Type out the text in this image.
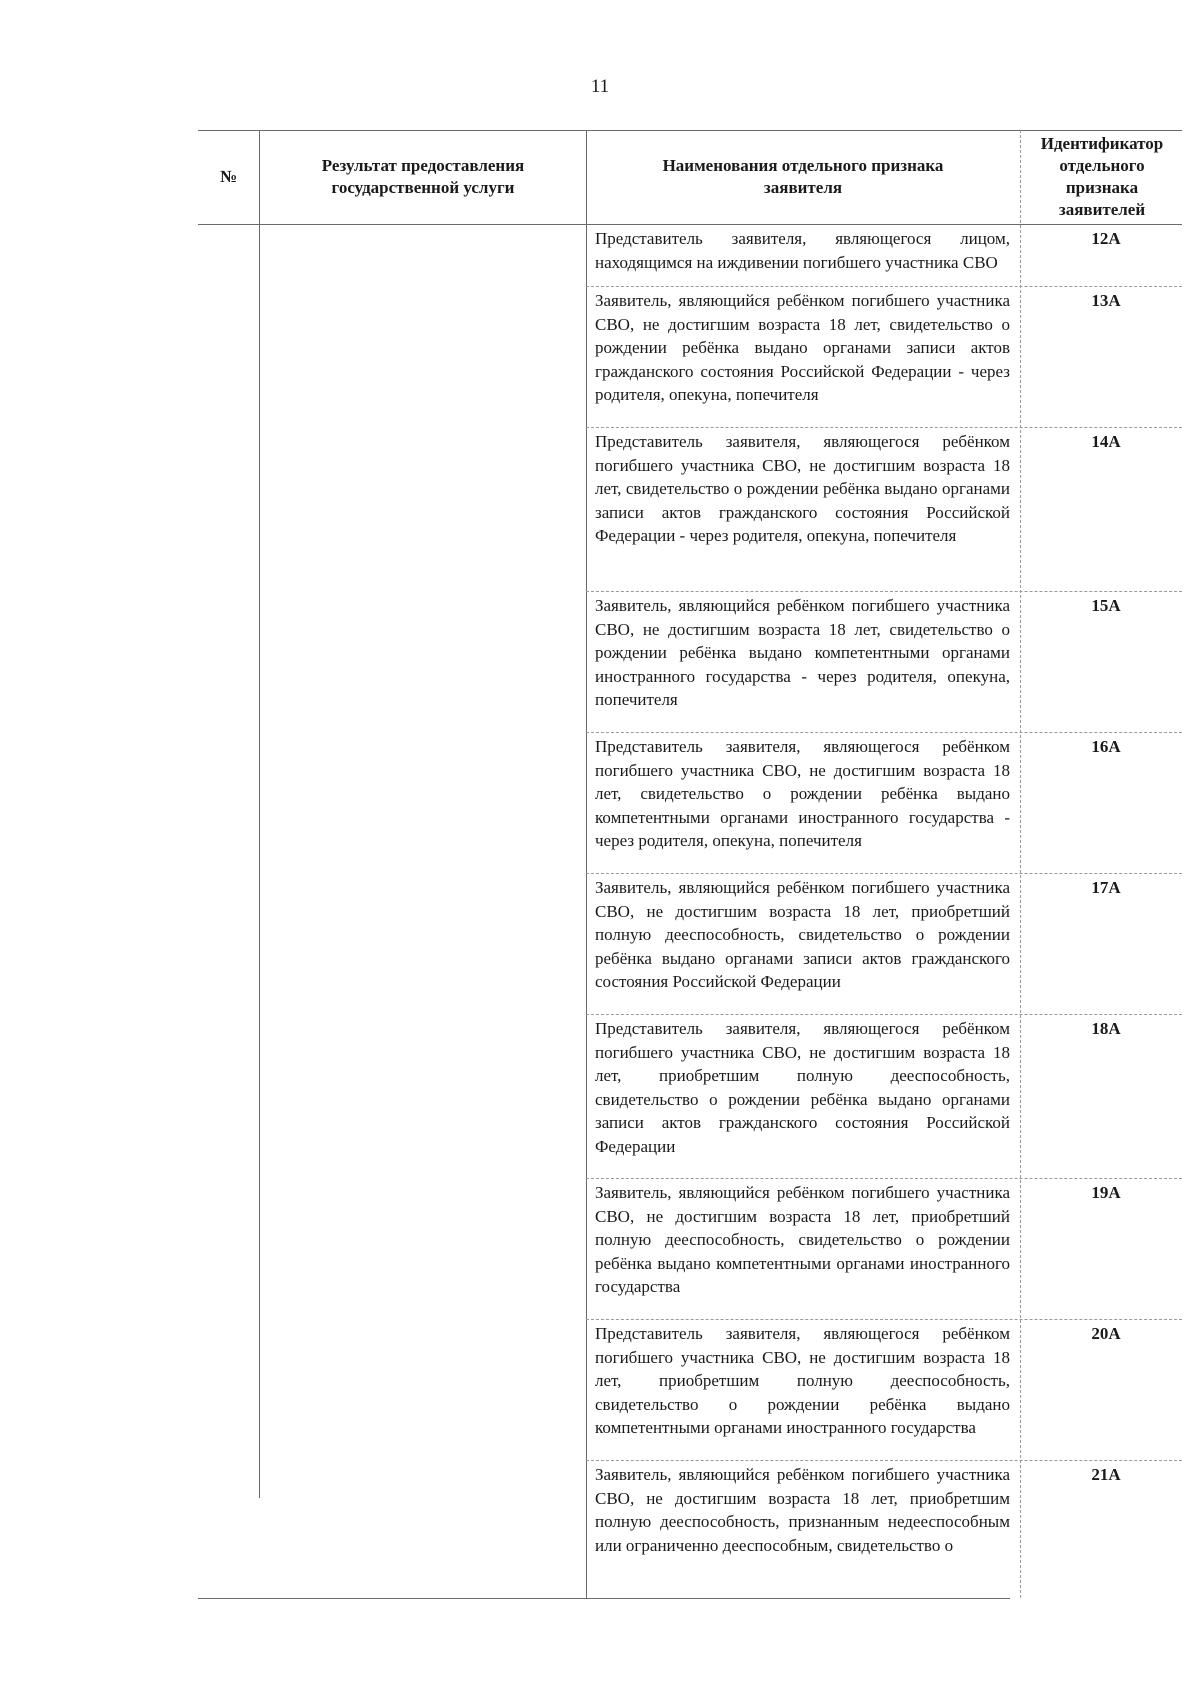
11
№
Результат предоставления государственной услуги
Наименования отдельного признака заявителя
Идентификатор отдельного признака заявителей
Представитель заявителя, являющегося лицом, находящимся на иждивении погибшего участника СВО
12А
Заявитель, являющийся ребёнком погибшего участника СВО, не достигшим возраста 18 лет, свидетельство о рождении ребёнка выдано органами записи актов гражданского состояния Российской Федерации - через родителя, опекуна, попечителя
13А
Представитель заявителя, являющегося ребёнком погибшего участника СВО, не достигшим возраста 18 лет, свидетельство о рождении ребёнка выдано органами записи актов гражданского состояния Российской Федерации - через родителя, опекуна, попечителя
14А
Заявитель, являющийся ребёнком погибшего участника СВО, не достигшим возраста 18 лет, свидетельство о рождении ребёнка выдано компетентными органами иностранного государства - через родителя, опекуна, попечителя
15А
Представитель заявителя, являющегося ребёнком погибшего участника СВО, не достигшим возраста 18 лет, свидетельство о рождении ребёнка выдано компетентными органами иностранного государства - через родителя, опекуна, попечителя
16А
Заявитель, являющийся ребёнком погибшего участника СВО, не достигшим возраста 18 лет, приобретший полную дееспособность, свидетельство о рождении ребёнка выдано органами записи актов гражданского состояния Российской Федерации
17А
Представитель заявителя, являющегося ребёнком погибшего участника СВО, не достигшим возраста 18 лет, приобретшим полную дееспособность, свидетельство о рождении ребёнка выдано органами записи актов гражданского состояния Российской Федерации
18А
Заявитель, являющийся ребёнком погибшего участника СВО, не достигшим возраста 18 лет, приобретший полную дееспособность, свидетельство о рождении ребёнка выдано компетентными органами иностранного государства
19А
Представитель заявителя, являющегося ребёнком погибшего участника СВО, не достигшим возраста 18 лет, приобретшим полную дееспособность, свидетельство о рождении ребёнка выдано компетентными органами иностранного государства
20А
Заявитель, являющийся ребёнком погибшего участника СВО, не достигшим возраста 18 лет, приобретшим полную дееспособность, признанным недееспособным или ограниченно дееспособным, свидетельство о
21А
